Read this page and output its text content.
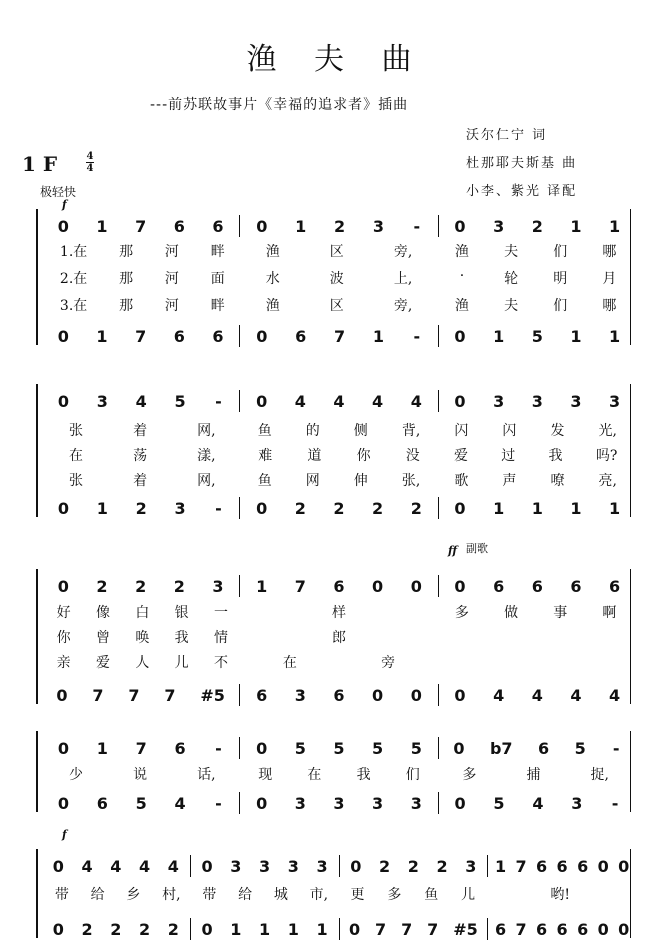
渔 夫 曲
---前苏联故事片《幸福的追求者》插曲
沃尔仁宁 词
杜那耶夫斯基 曲
小李、紫光 译配
1 F	4
4
极轻快
f
ff 副歌
f
0 1 7 6 6 0 1 2 3 - 0 3 2 1 1
1.在 那 河 畔	渔	区	旁,	渔	夫	们	哪
2.在 那 河 面	水	波	上,	·	轮	明	月
3.在 那 河 畔	渔	区	旁,	渔	夫	们	哪
0 1 7 6 6 0 6 7 1 - 0 1 5 1 1
0 3 4 5 - 0 4 4 4 4 0 3 3 3 3
张	着	网,	鱼 的 侧 背, 闪 闪 发 光,
在	荡	漾,	难	道	你	没 爱 过 我 吗?
张	着	网,	鱼 网 伸 张, 歌 声 嘹 亮,
0 1 2 3 - 0 2 2 2 2 0 1 1 1 1
0 2 2 2 3 1 7 6 0 0 0 6 6 6 6
好 像 白 银 一	样	多	做	事	啊
你 曾 唤 我 情	郎
亲 爱 人 儿 不	在	旁
0 7 7 7 #5 6 3 6 0 0 0 4 4 4 4
0 1 7 6 - 0 5 5 5 5 0 b7 6 5 -
少	说	话,	现	在	我	们	多	捕	捉,
0 6 5 4 - 0 3 3 3 3 0 5 4 3 -
0 4 4 4 4 0 3 3 3 3 0 2 2 2 3 1 7 6 6 6 0 0
带 给 乡 村, 带 给 城 市, 更 多 鱼 儿	哟!
0 2 2 2 2 0 1 1 1 1 0 7 7 7 #5 6 7 6 6 6 0 0
